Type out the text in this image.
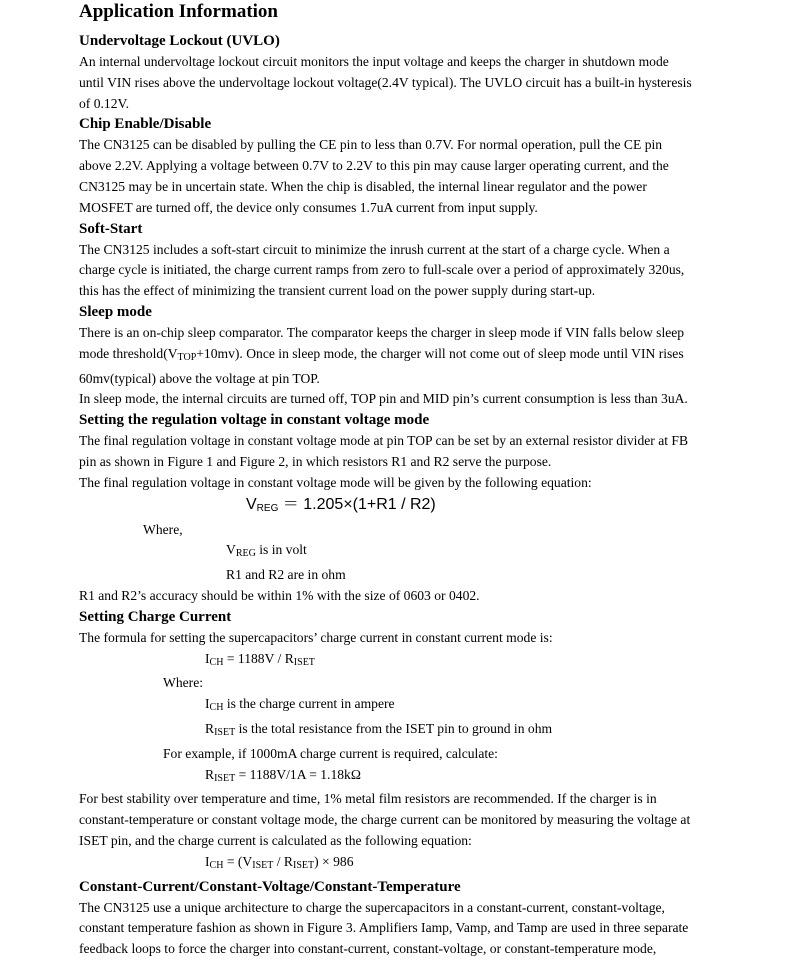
Application Information
Undervoltage Lockout (UVLO)

An internal undervoltage lockout circuit monitors the input voltage and keeps the charger in shutdown mode

until VIN rises above the undervoltage lockout voltage(2.4V typical). The UVLO circuit has a built-in hysteresis

of 0.12V.

Chip Enable/Disable

The CN3125 can be disabled by pulling the CE pin to less than 0.7V. For normal operation, pull the CE pin

above 2.2V. Applying a voltage between 0.7V to 2.2V to this pin may cause larger operating current, and the

CN3125 may be in uncertain state. When the chip is disabled, the internal linear regulator and the power

MOSFET are turned off, the device only consumes 1.7uA current from input supply.

Soft-Start

The CN3125 includes a soft-start circuit to minimize the inrush current at the start of a charge cycle. When a

charge cycle is initiated, the charge current ramps from zero to full-scale over a period of approximately 320us,

this has the effect of minimizing the transient current load on the power supply during start-up.

Sleep mode

There is an on-chip sleep comparator. The comparator keeps the charger in sleep mode if VIN falls below sleep

mode $threshold(V_{TOP}+10mv)$. Once in sleep mode, the charger will not come out of sleep mode until VIN rises

60mv(typical) above the voltage at pin TOP.

In sleep mode, the internal circuits are turned off, TOP pin and MID pin’s current consumption is less than 3uA.

Setting the regulation voltage in constant voltage mode

The final regulation voltage in constant voltage mode at pin TOP can be set by an external resistor divider at FB

pin as shown in Figure 1 and Figure 2, in which resistors R1 and R2 serve the purpose.

The final regulation voltage in constant voltage mode will be given by the following equation:

$V_{REG} = 1.205\times(1+R1 / R2)$

Where,

$V_{REG}$ is in volt

R1 and R2 are in ohm

R1 and R2’s accuracy should be within 1% with the size of 0603 or 0402.

Setting Charge Current

The formula for setting the supercapacitors’ charge current in constant current mode is:

$I_{CH} = 1188V / R_{ISET}$

Where:

$I_{CH}$ is the charge current in ampere

$R_{ISET}$ is the total resistance from the ISET pin to ground in ohm

For example, if 1000mA charge current is required, calculate:

$R_{ISET} = 1188V/1A = 1.18k\Omega$

For best stability over temperature and time, 1% metal film resistors are recommended. If the charger is in

constant-temperature or constant voltage mode, the charge current can be monitored by measuring the voltage at

ISET pin, and the charge current is calculated as the following equation:

$I_{CH} = (V_{ISET} / R_{ISET}) \times 986$

Constant-Current/Constant-Voltage/Constant-Temperature

The CN3125 use a unique architecture to charge the supercapacitors in a constant-current, constant-voltage,

constant temperature fashion as shown in Figure 3. Amplifiers Iamp, Vamp, and Tamp are used in three separate

feedback loops to force the charger into constant-current, constant-voltage, or constant-temperature mode,
